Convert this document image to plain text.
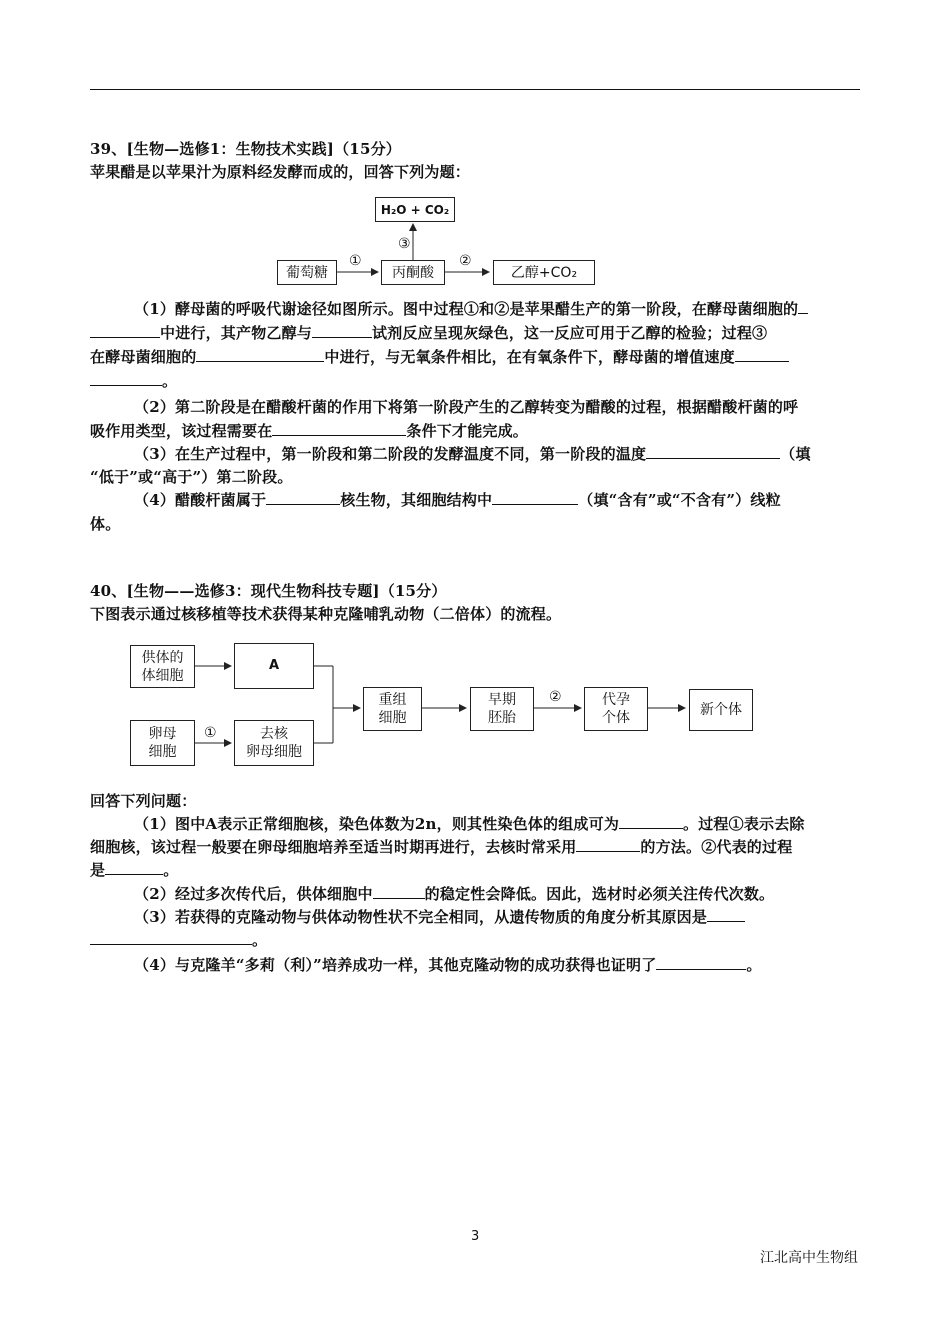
39、[生物—选修1：生物技术实践]（15分）
苹果醋是以苹果汁为原料经发酵而成的，回答下列为题：
H₂O + CO₂
葡萄糖	丙酮酸	乙醇+CO₂
①	②
③
（1）酵母菌的呼吸代谢途径如图所示。图中过程①和②是苹果醋生产的第一阶段，在酵母菌细胞的
中进行，其产物乙醇与	试剂反应呈现灰绿色，这一反应可用于乙醇的检验；过程③
在酵母菌细胞的	中进行，与无氧条件相比，在有氧条件下，酵母菌的增值速度
。
（2）第二阶段是在醋酸杆菌的作用下将第一阶段产生的乙醇转变为醋酸的过程，根据醋酸杆菌的呼
吸作用类型，该过程需要在	条件下才能完成。
（3）在生产过程中，第一阶段和第二阶段的发酵温度不同，第一阶段的温度	（填
“低于”或“高于”）第二阶段。
（4）醋酸杆菌属于	核生物，其细胞结构中	（填“含有”或“不含有”）线粒
体。
40、[生物——选修3：现代生物科技专题]（15分）
下图表示通过核移植等技术获得某种克隆哺乳动物（二倍体）的流程。
供体的
体细胞
A
卵母
细胞
去核
卵母细胞
重组
细胞
早期
胚胎
代孕
个体	新个体
①
②
回答下列问题：
（1）图中A表示正常细胞核，染色体数为2n，则其性染色体的组成可为	。过程①表示去除
细胞核，该过程一般要在卵母细胞培养至适当时期再进行，去核时常采用	的方法。②代表的过程
是	。
（2）经过多次传代后，供体细胞中	的稳定性会降低。因此，选材时必须关注传代次数。
（3）若获得的克隆动物与供体动物性状不完全相同，从遗传物质的角度分析其原因是
。
（4）与克隆羊“多莉（利）”培养成功一样，其他克隆动物的成功获得也证明了	。
3
江北高中生物组
